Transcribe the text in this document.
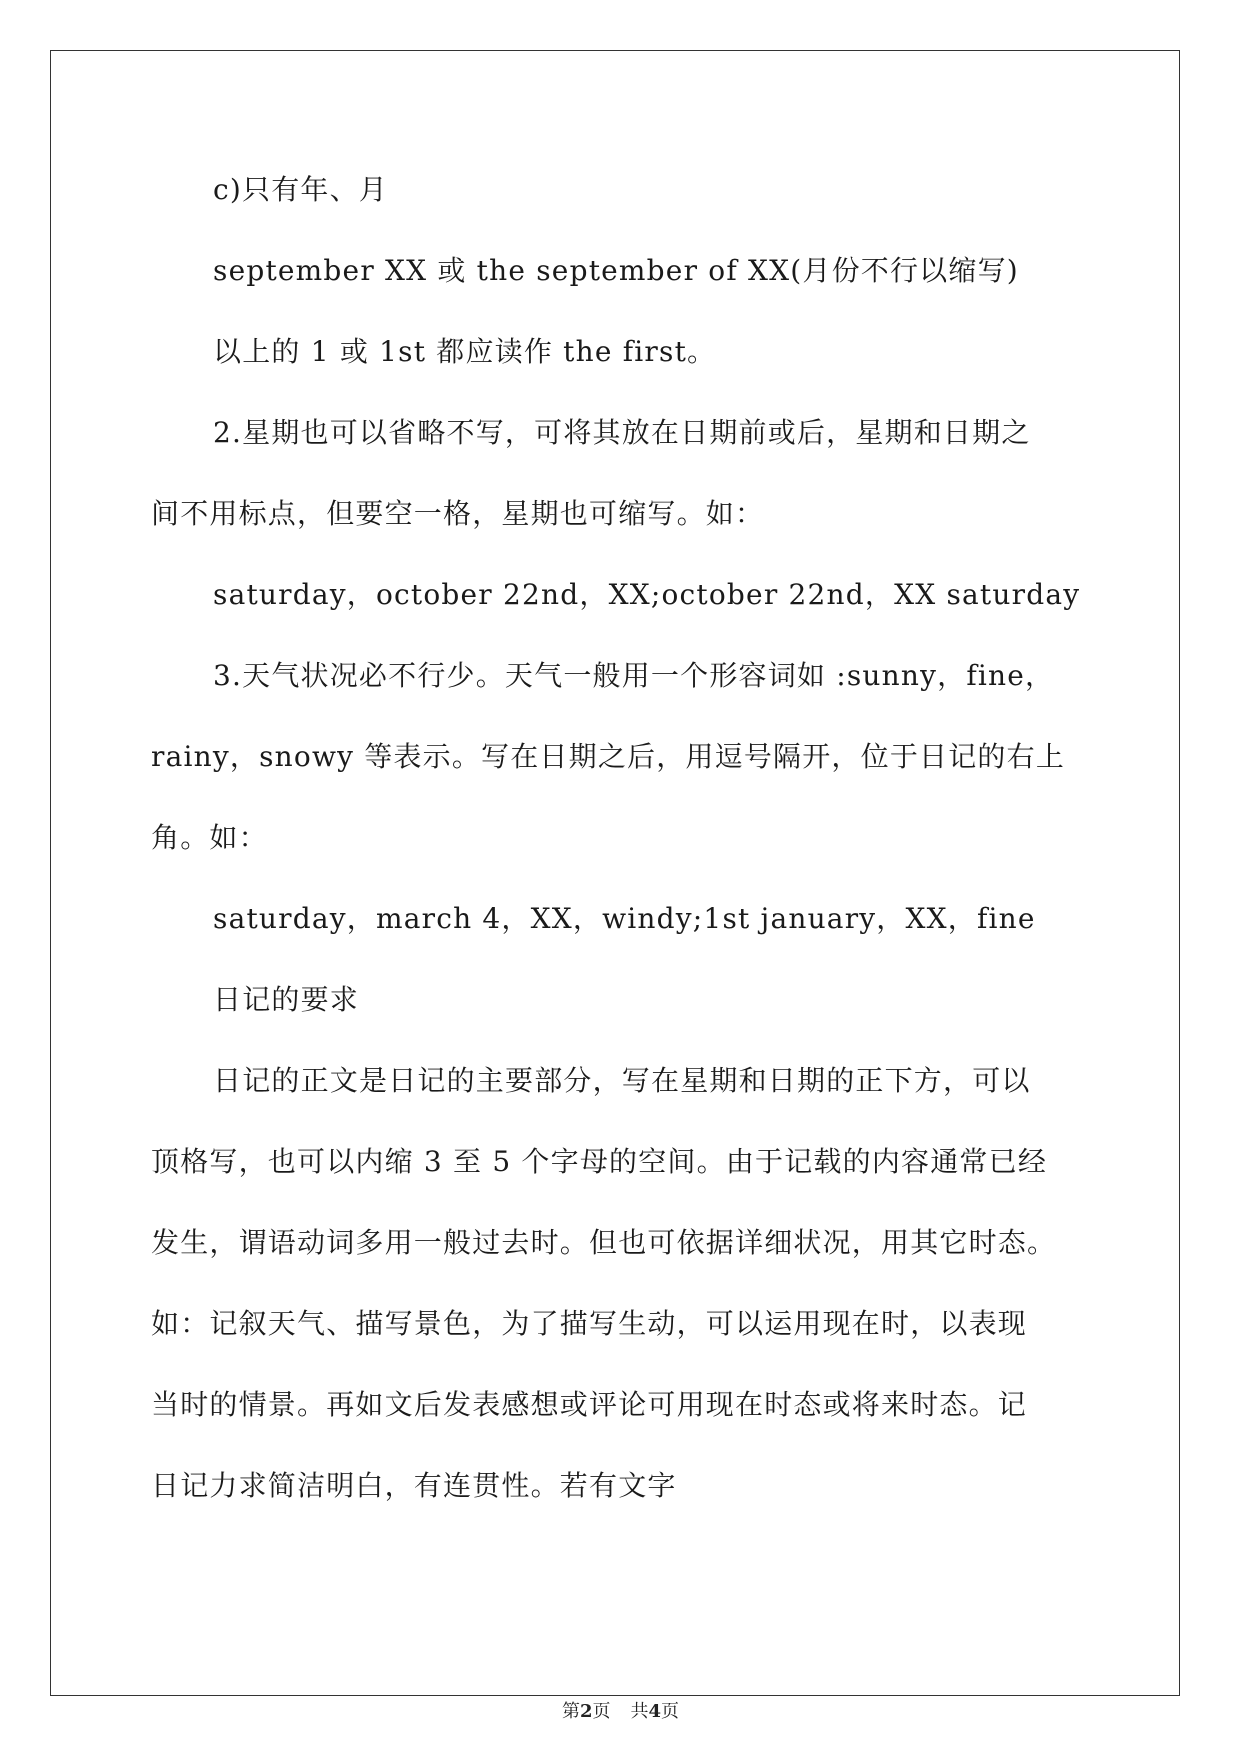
c)只有年、月

september XX 或 the september of XX(月份不行以缩写)

以上的 1 或 1st 都应读作 the first。

2.星期也可以省略不写，可将其放在日期前或后，星期和日期之

间不用标点，但要空一格，星期也可缩写。如：

saturday，october 22nd，XX;october 22nd，XX saturday

3.天气状况必不行少。天气一般用一个形容词如 :sunny，fine，

rainy，snowy 等表示。写在日期之后，用逗号隔开，位于日记的右上

角。如：

saturday，march 4，XX，windy;1st january，XX，fine

日记的要求

日记的正文是日记的主要部分，写在星期和日期的正下方，可以

顶格写，也可以内缩 3 至 5 个字母的空间。由于记载的内容通常已经

发生，谓语动词多用一般过去时。但也可依据详细状况，用其它时态。

如：记叙天气、描写景色，为了描写生动，可以运用现在时，以表现

当时的情景。再如文后发表感想或评论可用现在时态或将来时态。记

日记力求简洁明白，有连贯性。若有文字

第2页 共4页
